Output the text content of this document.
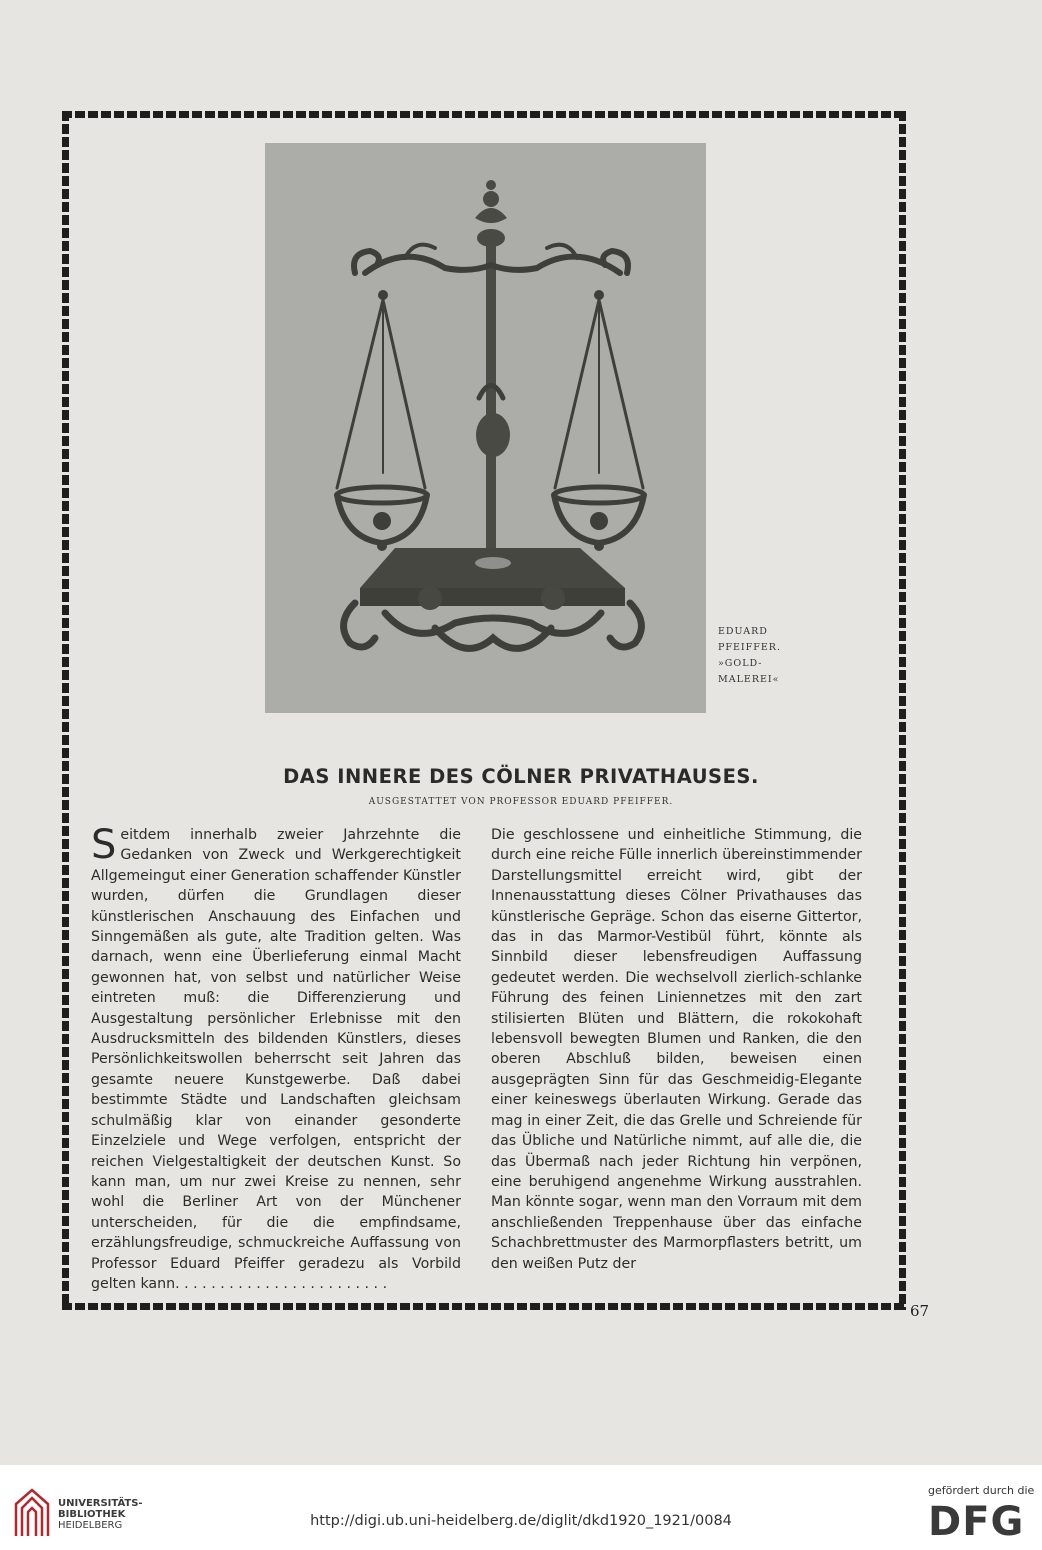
EDUARD
PFEIFFER.
»GOLD-
MALEREI«
DAS INNERE DES CÖLNER PRIVATHAUSES.
AUSGESTATTET VON PROFESSOR EDUARD PFEIFFER.

Seitdem innerhalb zweier Jahrzehnte die Gedanken von Zweck und Werkgerechtigkeit Allgemeingut einer Generation schaffender Künstler wurden, dürfen die Grundlagen dieser künstlerischen Anschauung des Einfachen und Sinngemäßen als gute, alte Tradition gelten. Was darnach, wenn eine Überlieferung einmal Macht gewonnen hat, von selbst und natürlicher Weise eintreten muß: die Differenzierung und Ausgestaltung persönlicher Erlebnisse mit den Ausdrucksmitteln des bildenden Künstlers, dieses Persönlichkeitswollen beherrscht seit Jahren das gesamte neuere Kunstgewerbe. Daß dabei bestimmte Städte und Landschaften gleichsam schulmäßig klar von einander gesonderte Einzelziele und Wege verfolgen, entspricht der reichen Vielgestaltigkeit der deutschen Kunst. So kann man, um nur zwei Kreise zu nennen, sehr wohl die Berliner Art von der Münchener unterscheiden, für die die empfindsame, erzählungsfreudige, schmuckreiche Auffassung von Professor Eduard Pfeiffer geradezu als Vorbild gelten kann. . . . . . . . . . . . . . . . . . . . . . . .

Die geschlossene und einheitliche Stimmung, die durch eine reiche Fülle innerlich übereinstimmender Darstellungsmittel erreicht wird, gibt der Innenausstattung dieses Cölner Privathauses das künstlerische Gepräge. Schon das eiserne Gittertor, das in das Marmor-Vestibül führt, könnte als Sinnbild dieser lebensfreudigen Auffassung gedeutet werden. Die wechselvoll zierlich-schlanke Führung des feinen Liniennetzes mit den zart stilisierten Blüten und Blättern, die rokokohaft lebensvoll bewegten Blumen und Ranken, die den oberen Abschluß bilden, beweisen einen ausgeprägten Sinn für das Geschmeidig-Elegante einer keineswegs überlauten Wirkung. Gerade das mag in einer Zeit, die das Grelle und Schreiende für das Übliche und Natürliche nimmt, auf alle die, die das Übermaß nach jeder Richtung hin verpönen, eine beruhigend angenehme Wirkung ausstrahlen. Man könnte sogar, wenn man den Vorraum mit dem anschließenden Treppenhause über das einfache Schachbrettmuster des Marmorpflasters betritt, um den weißen Putz der

67
UNIVERSITÄTS-
BIBLIOTHEK
HEIDELBERG	http://digi.ub.uni-heidelberg.de/diglit/dkd1920_1921/0084
gefördert durch die
DFG
